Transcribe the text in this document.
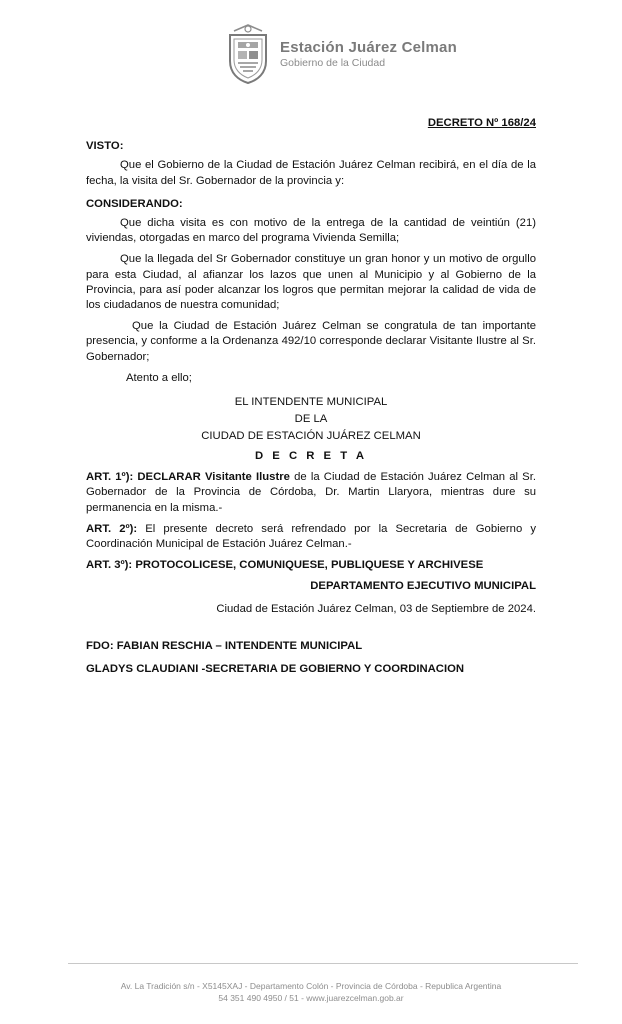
Estación Juárez Celman
Gobierno de la Ciudad
DECRETO Nº 168/24
VISTO:
Que el Gobierno de la Ciudad de Estación Juárez Celman recibirá, en el día de la fecha, la visita del Sr. Gobernador de la provincia y:
CONSIDERANDO:
Que dicha visita es con motivo de la entrega de la cantidad de veintiún (21) viviendas, otorgadas en marco del programa Vivienda Semilla;
Que la llegada del Sr Gobernador constituye un gran honor y un motivo de orgullo para esta Ciudad, al afianzar los lazos que unen al Municipio y al Gobierno de la Provincia, para así poder alcanzar los logros que permitan mejorar la calidad de vida de los ciudadanos de nuestra comunidad;
Que la Ciudad de Estación Juárez Celman se congratula de tan importante presencia, y conforme a la Ordenanza 492/10 corresponde declarar Visitante Ilustre al Sr. Gobernador;
Atento a ello;
EL INTENDENTE MUNICIPAL
DE LA
CIUDAD DE ESTACIÓN JUÁREZ CELMAN
D E C R E T A
ART. 1º): DECLARAR Visitante Ilustre de la Ciudad de Estación Juárez Celman al Sr. Gobernador de la Provincia de Córdoba, Dr. Martin Llaryora, mientras dure su permanencia en la misma.-
ART. 2º): El presente decreto será refrendado por la Secretaria de Gobierno y Coordinación Municipal de Estación Juárez Celman.-
ART. 3º): PROTOCOLICESE, COMUNIQUESE, PUBLIQUESE Y ARCHIVESE
DEPARTAMENTO EJECUTIVO MUNICIPAL
Ciudad de Estación Juárez Celman, 03 de Septiembre de 2024.
FDO: FABIAN RESCHIA – INTENDENTE MUNICIPAL
GLADYS CLAUDIANI -SECRETARIA DE GOBIERNO Y COORDINACION
Av. La Tradición s/n - X5145XAJ - Departamento Colón - Provincia de Córdoba - Republica Argentina
54 351 490 4950 / 51 - www.juarezcelman.gob.ar
